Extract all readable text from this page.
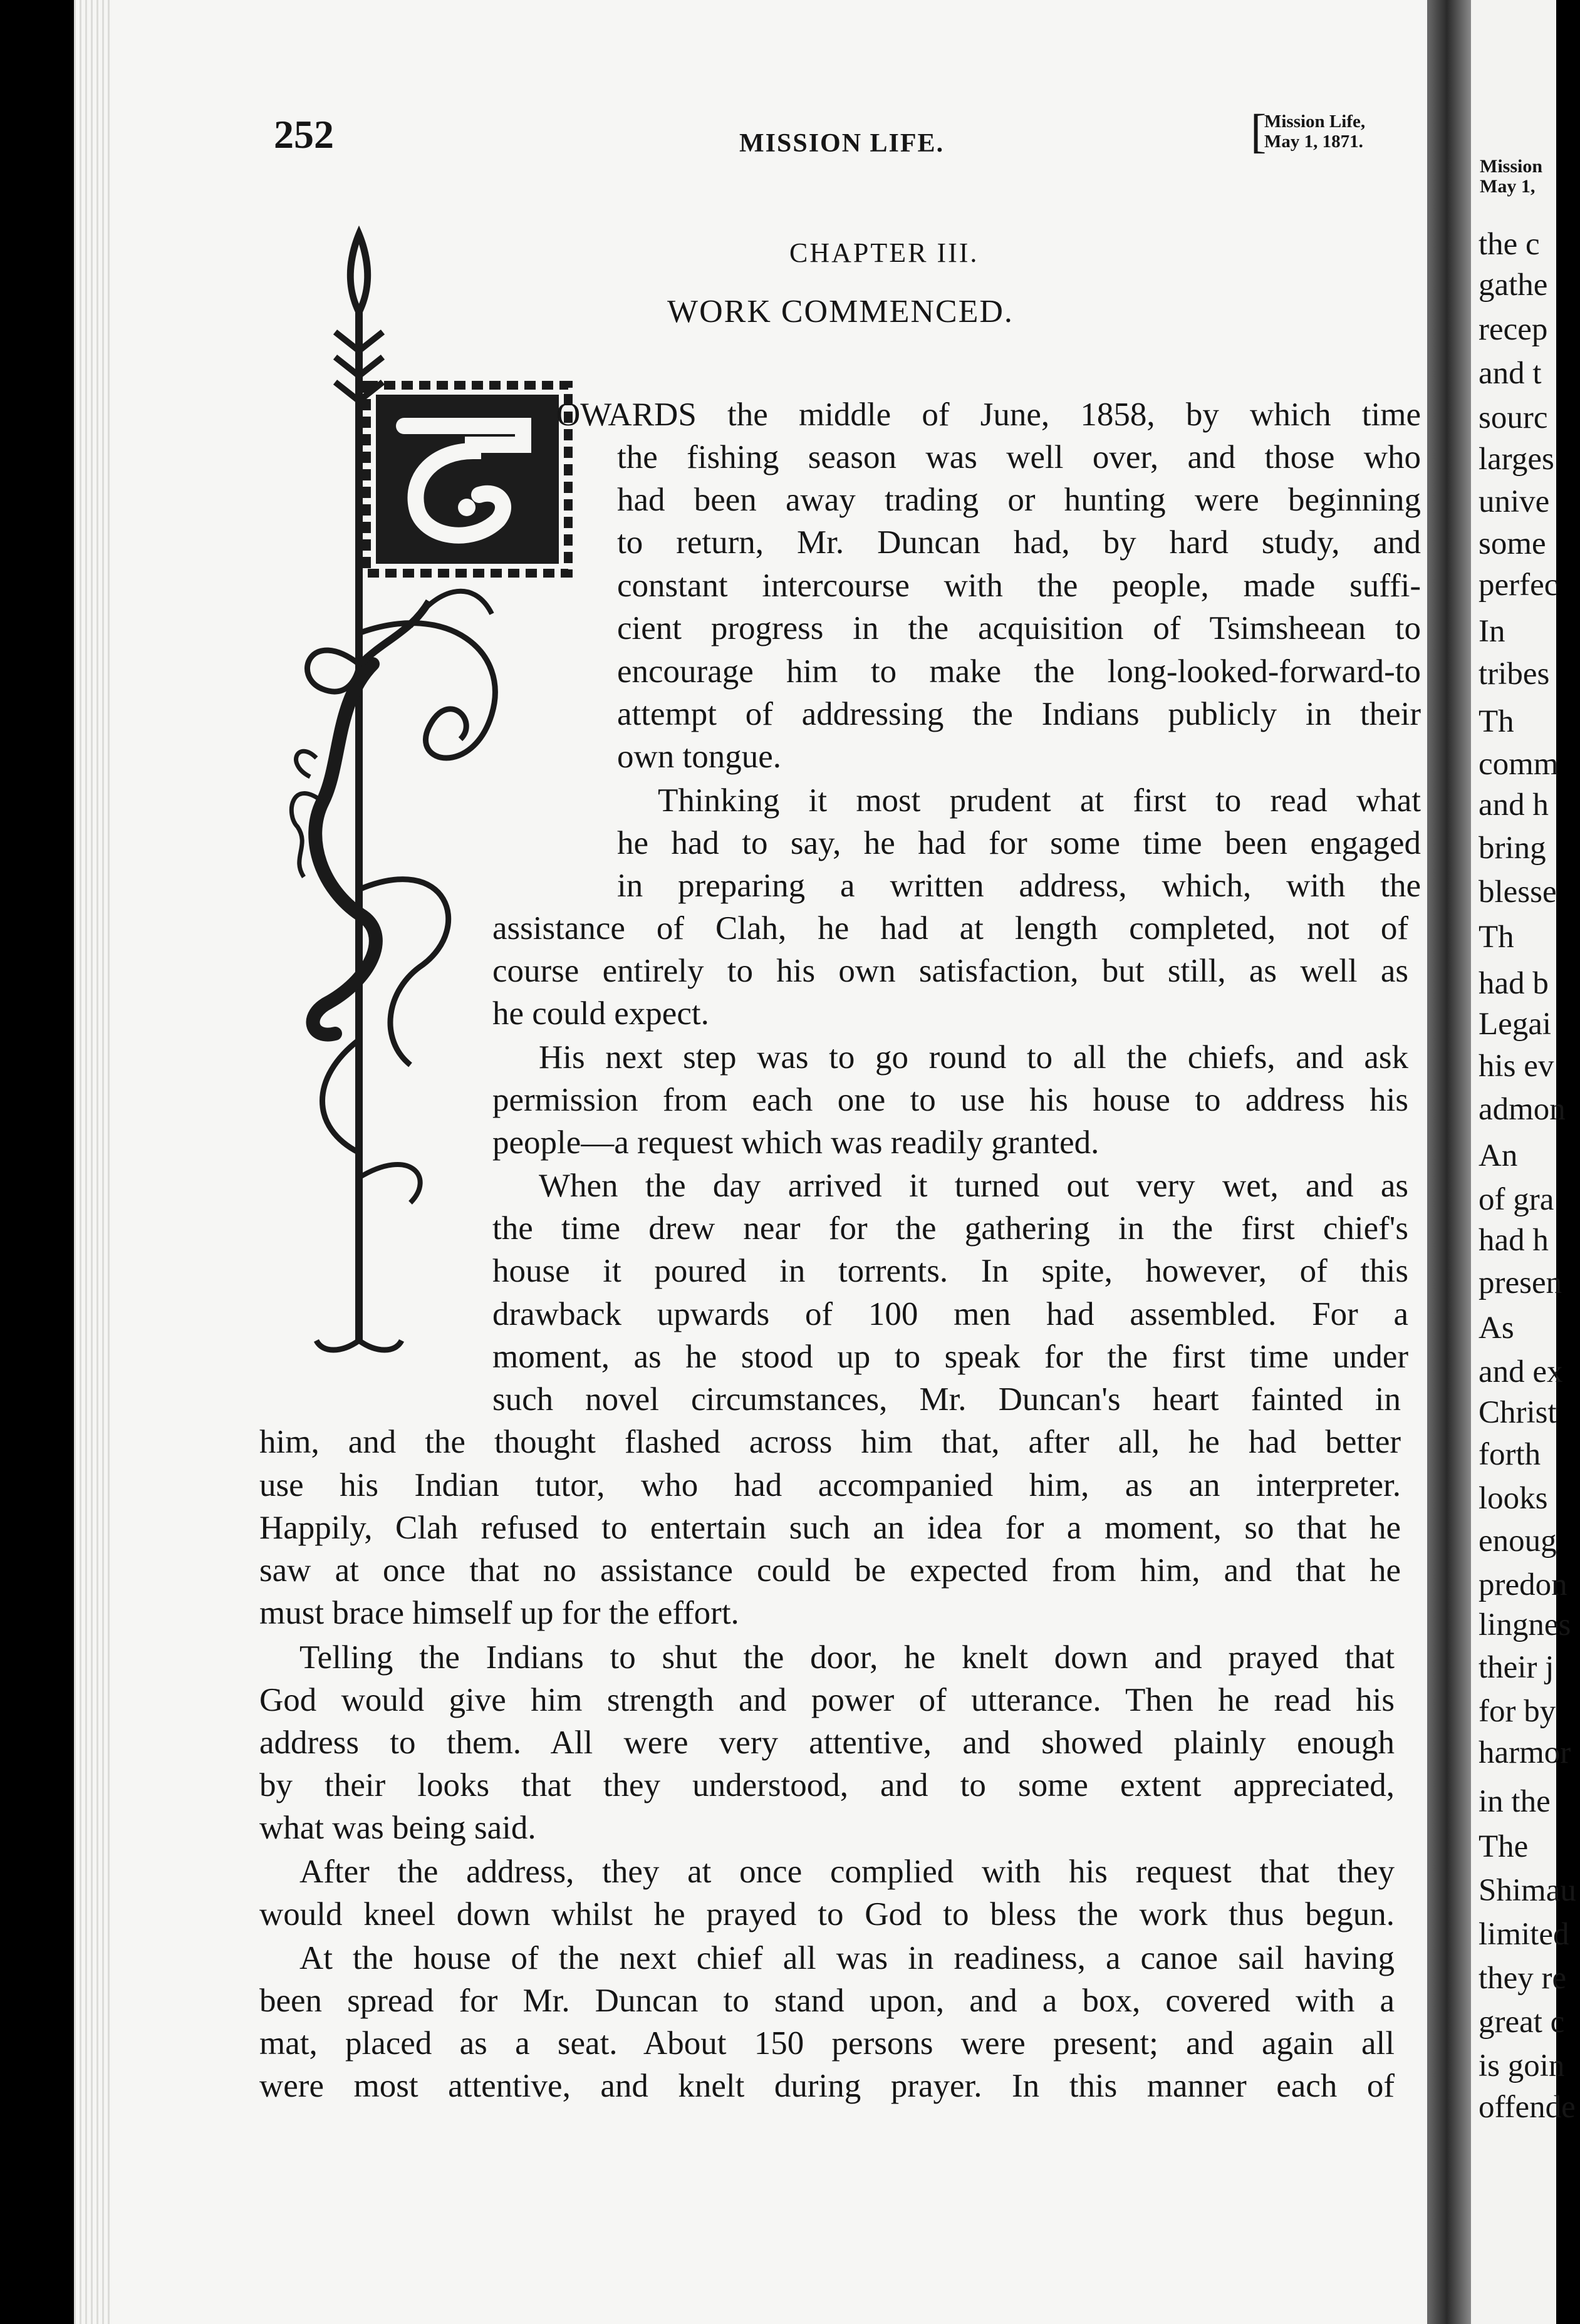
Mission
May 1,
the c
gathe
recep
and t
sourc
larges
unive
some
perfec
In
tribes
Th
comm
and h
bring
blesse
Th
had b
Legai
his ev
admon
An
of gra
had h
presen
As
and ex
Christ
forth
looks
enoug
predon
lingnes
their j
for by
harmor
in the
The
Shimau
limited
they re
great c
is goin
offende
252	MISSION LIFE.	[
Mission Life,
May 1, 1871.
CHAPTER III.
WORK COMMENCED.
T
OWARDS the middle of June, 1858, by which time
the fishing season was well over, and those who
had been away trading or hunting were beginning
to return, Mr. Duncan had, by hard study, and
constant intercourse with the people, made suffi-
cient progress in the acquisition of Tsimsheean to
encourage him to make the long-looked-forward-to
attempt of addressing the Indians publicly in their
own tongue.
Thinking it most prudent at first to read what
he had to say, he had for some time been engaged
in preparing a written address, which, with the
assistance of Clah, he had at length completed, not of
course entirely to his own satisfaction, but still, as well as
he could expect.
His next step was to go round to all the chiefs, and ask
permission from each one to use his house to address his
people—a request which was readily granted.
When the day arrived it turned out very wet, and as
the time drew near for the gathering in the first chief's
house it poured in torrents. In spite, however, of this
drawback upwards of 100 men had assembled. For a
moment, as he stood up to speak for the first time under
such novel circumstances, Mr. Duncan's heart fainted in
him, and the thought flashed across him that, after all, he had better
use his Indian tutor, who had accompanied him, as an interpreter.
Happily, Clah refused to entertain such an idea for a moment, so that he
saw at once that no assistance could be expected from him, and that he
must brace himself up for the effort.
Telling the Indians to shut the door, he knelt down and prayed that
God would give him strength and power of utterance. Then he read his
address to them. All were very attentive, and showed plainly enough
by their looks that they understood, and to some extent appreciated,
what was being said.
After the address, they at once complied with his request that they
would kneel down whilst he prayed to God to bless the work thus begun.
At the house of the next chief all was in readiness, a canoe sail having
been spread for Mr. Duncan to stand upon, and a box, covered with a
mat, placed as a seat. About 150 persons were present; and again all
were most attentive, and knelt during prayer. In this manner each of
